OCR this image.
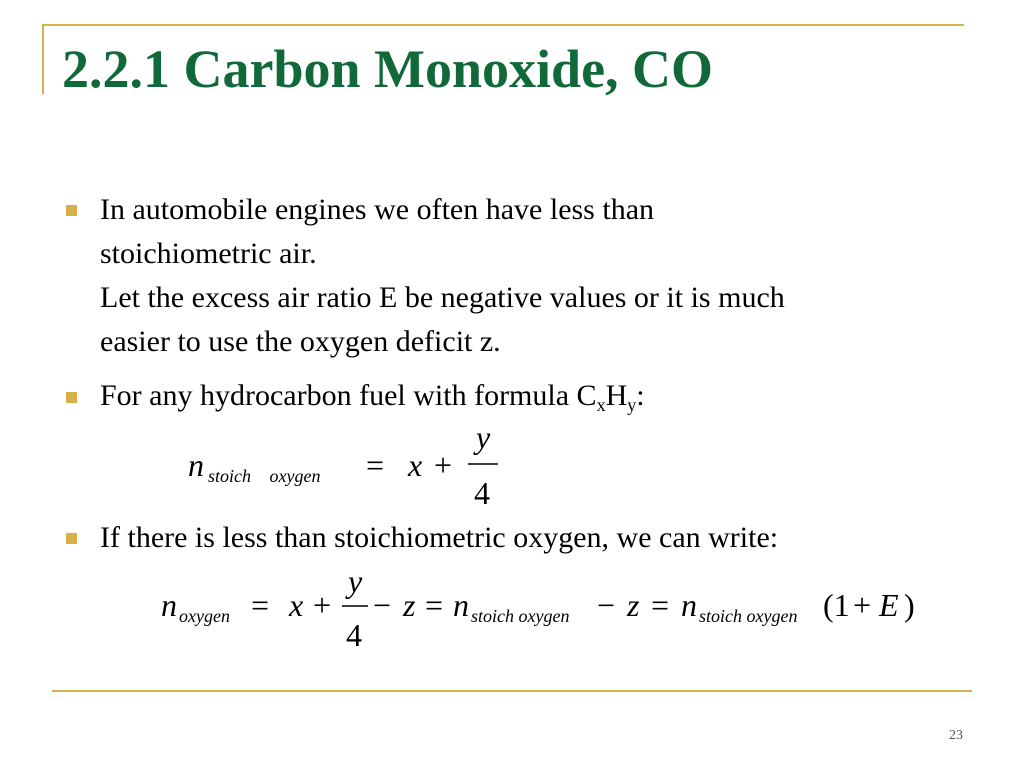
2.2.1 Carbon Monoxide, CO
In automobile engines we often have less than
stoichiometric air.
Let the excess air ratio E be negative values or it is much
easier to use the oxygen deficit z.
For any hydrocarbon fuel with formula $C_xH_y$:
n stoich oxygen = x +
y
4
If there is less than stoichiometric oxygen, we can write:
n oxygen = x +
y
4
− z = n stoich oxygen − z = n stoich oxygen (1 + E )
23
